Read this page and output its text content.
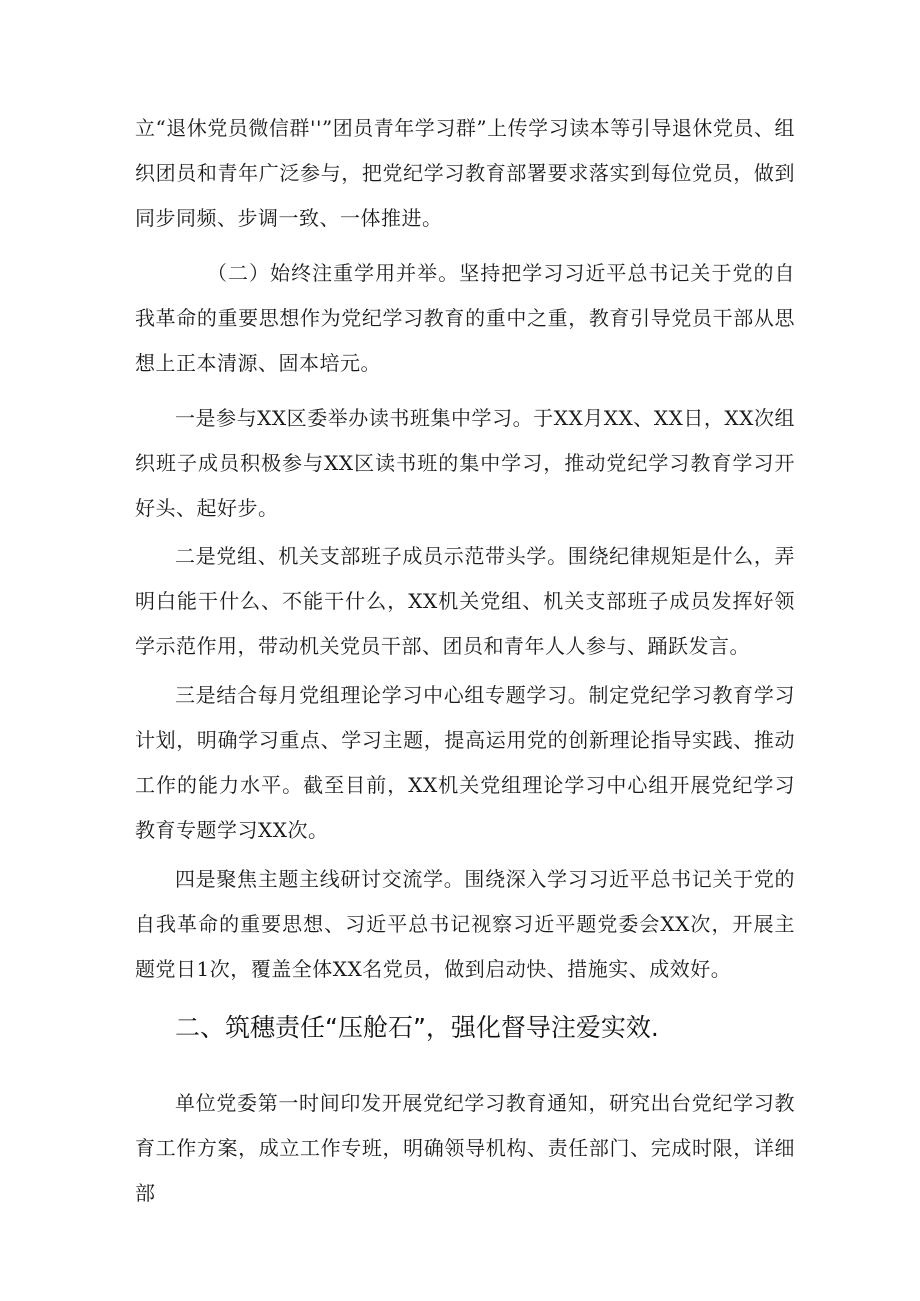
立“退休党员微信群''”团员青年学习群”上传学习读本等引导退休党员、组织团员和青年广泛参与，把党纪学习教育部署要求落实到每位党员，做到同步同频、步调一致、一体推进。

（二）始终注重学用并举。坚持把学习习近平总书记关于党的自我革命的重要思想作为党纪学习教育的重中之重，教育引导党员干部从思想上正本清源、固本培元。

一是参与XX区委举办读书班集中学习。于XX月XX、XX日，XX次组织班子成员积极参与XX区读书班的集中学习，推动党纪学习教育学习开好头、起好步。

二是党组、机关支部班子成员示范带头学。围绕纪律规矩是什么，弄明白能干什么、不能干什么，XX机关党组、机关支部班子成员发挥好领学示范作用，带动机关党员干部、团员和青年人人参与、踊跃发言。

三是结合每月党组理论学习中心组专题学习。制定党纪学习教育学习计划，明确学习重点、学习主题，提高运用党的创新理论指导实践、推动工作的能力水平。截至目前，XX机关党组理论学习中心组开展党纪学习教育专题学习XX次。

四是聚焦主题主线研讨交流学。围绕深入学习习近平总书记关于党的自我革命的重要思想、习近平总书记视察习近平题党委会XX次，开展主题党日1次，覆盖全体XX名党员，做到启动快、措施实、成效好。

二、筑穗责任“压舱石”，强化督导注爱实效.

单位党委第一时间印发开展党纪学习教育通知，研究出台党纪学习教育工作方案，成立工作专班，明确领导机构、责任部门、完成时限，详细部
